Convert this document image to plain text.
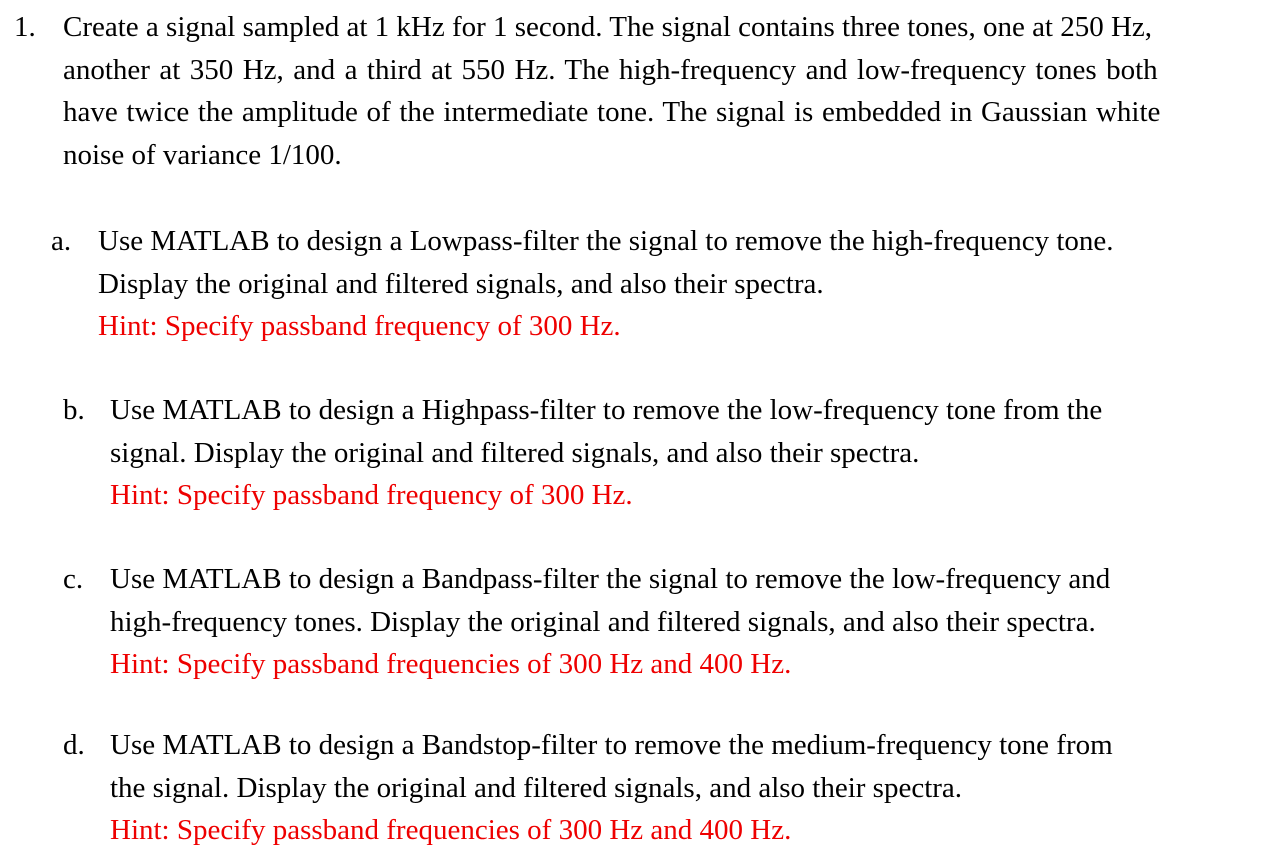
1. Create a signal sampled at 1 kHz for 1 second. The signal contains three tones, one at 250 Hz,
another at 350 Hz, and a third at 550 Hz. The high-frequency and low-frequency tones both
have twice the amplitude of the intermediate tone. The signal is embedded in Gaussian white
noise of variance 1/100.
a. Use MATLAB to design a Lowpass-filter the signal to remove the high-frequency tone.
Display the original and filtered signals, and also their spectra.
Hint: Specify passband frequency of 300 Hz.
b. Use MATLAB to design a Highpass-filter to remove the low-frequency tone from the
signal. Display the original and filtered signals, and also their spectra.
Hint: Specify passband frequency of 300 Hz.
c. Use MATLAB to design a Bandpass-filter the signal to remove the low-frequency and
high-frequency tones. Display the original and filtered signals, and also their spectra.
Hint: Specify passband frequencies of 300 Hz and 400 Hz.
d. Use MATLAB to design a Bandstop-filter to remove the medium-frequency tone from
the signal. Display the original and filtered signals, and also their spectra.
Hint: Specify passband frequencies of 300 Hz and 400 Hz.
